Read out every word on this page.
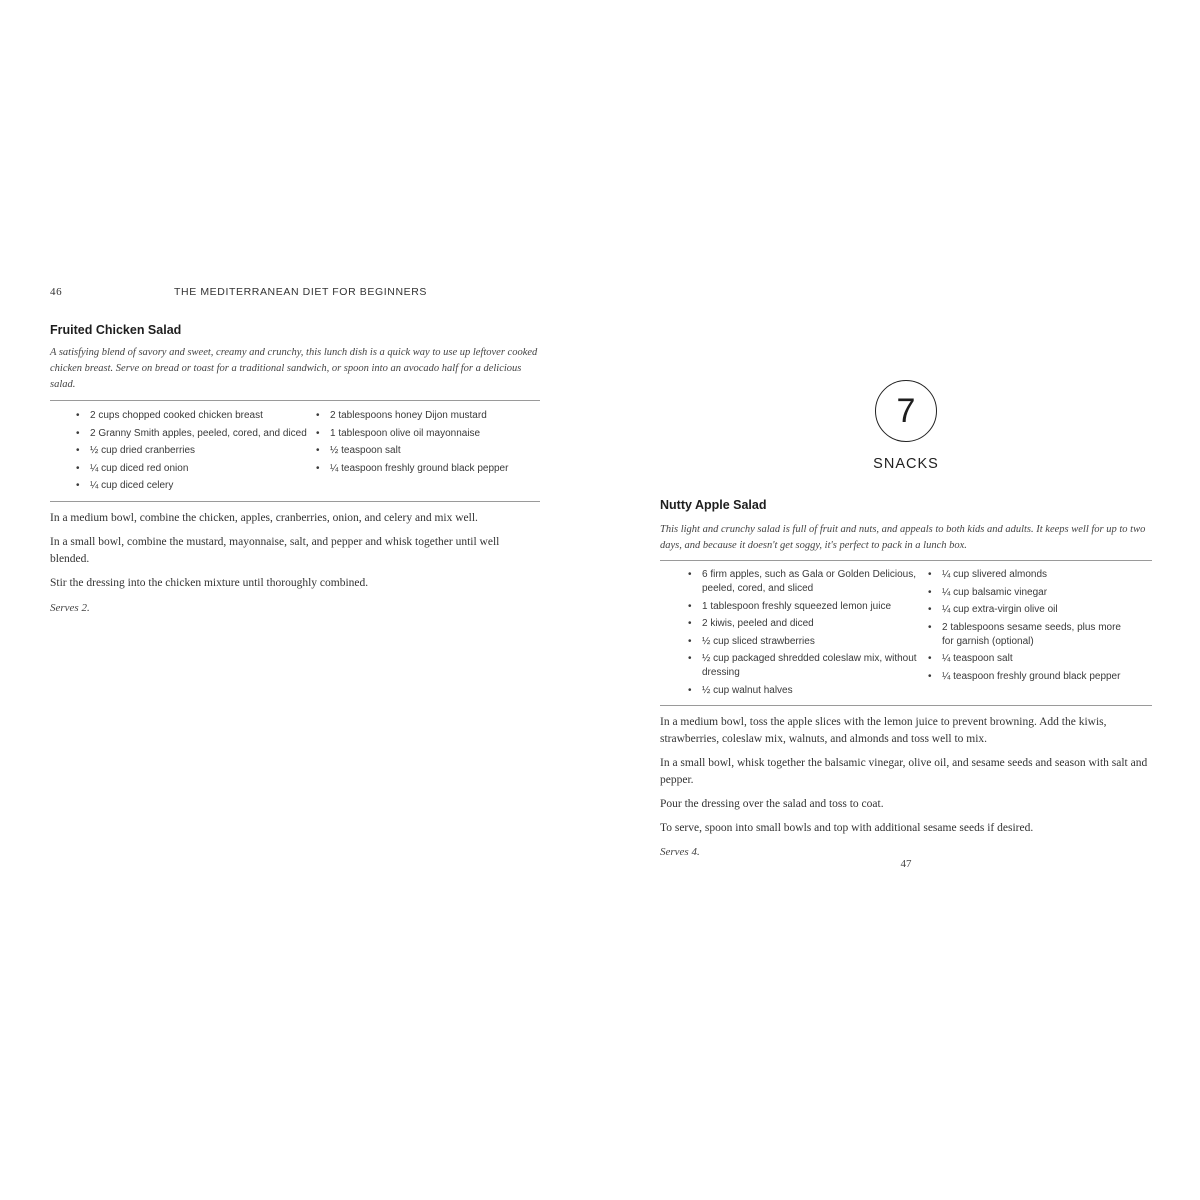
46	THE MEDITERRANEAN DIET FOR BEGINNERS
Fruited Chicken Salad

A satisfying blend of savory and sweet, creamy and crunchy, this lunch dish is a quick way to use up leftover cooked chicken breast. Serve on bread or toast for a traditional sandwich, or spoon into an avocado half for a delicious salad.

• 2 cups chopped cooked chicken breast
• 2 Granny Smith apples, peeled, cored, and diced
• ½ cup dried cranberries
• ¼ cup diced red onion
• ¼ cup diced celery
• 2 tablespoons honey Dijon mustard
• 1 tablespoon olive oil mayonnaise
• ½ teaspoon salt
• ¼ teaspoon freshly ground black pepper

In a medium bowl, combine the chicken, apples, cranberries, onion, and celery and mix well.

In a small bowl, combine the mustard, mayonnaise, salt, and pepper and whisk together until well blended.

Stir the dressing into the chicken mixture until thoroughly combined.

Serves 2.

7
SNACKS
Nutty Apple Salad

This light and crunchy salad is full of fruit and nuts, and appeals to both kids and adults. It keeps well for up to two days, and because it doesn't get soggy, it's perfect to pack in a lunch box.

• 6 firm apples, such as Gala or Golden Delicious, peeled, cored, and sliced
• 1 tablespoon freshly squeezed lemon juice
• 2 kiwis, peeled and diced
• ½ cup sliced strawberries
• ½ cup packaged shredded coleslaw mix, without dressing
• ½ cup walnut halves
• ¼ cup slivered almonds
• ¼ cup balsamic vinegar
• ¼ cup extra-virgin olive oil
• 2 tablespoons sesame seeds, plus more for garnish (optional)
• ¼ teaspoon salt
• ¼ teaspoon freshly ground black pepper

In a medium bowl, toss the apple slices with the lemon juice to prevent browning. Add the kiwis, strawberries, coleslaw mix, walnuts, and almonds and toss well to mix.

In a small bowl, whisk together the balsamic vinegar, olive oil, and sesame seeds and season with salt and pepper.

Pour the dressing over the salad and toss to coat.

To serve, spoon into small bowls and top with additional sesame seeds if desired.

Serves 4.

47
